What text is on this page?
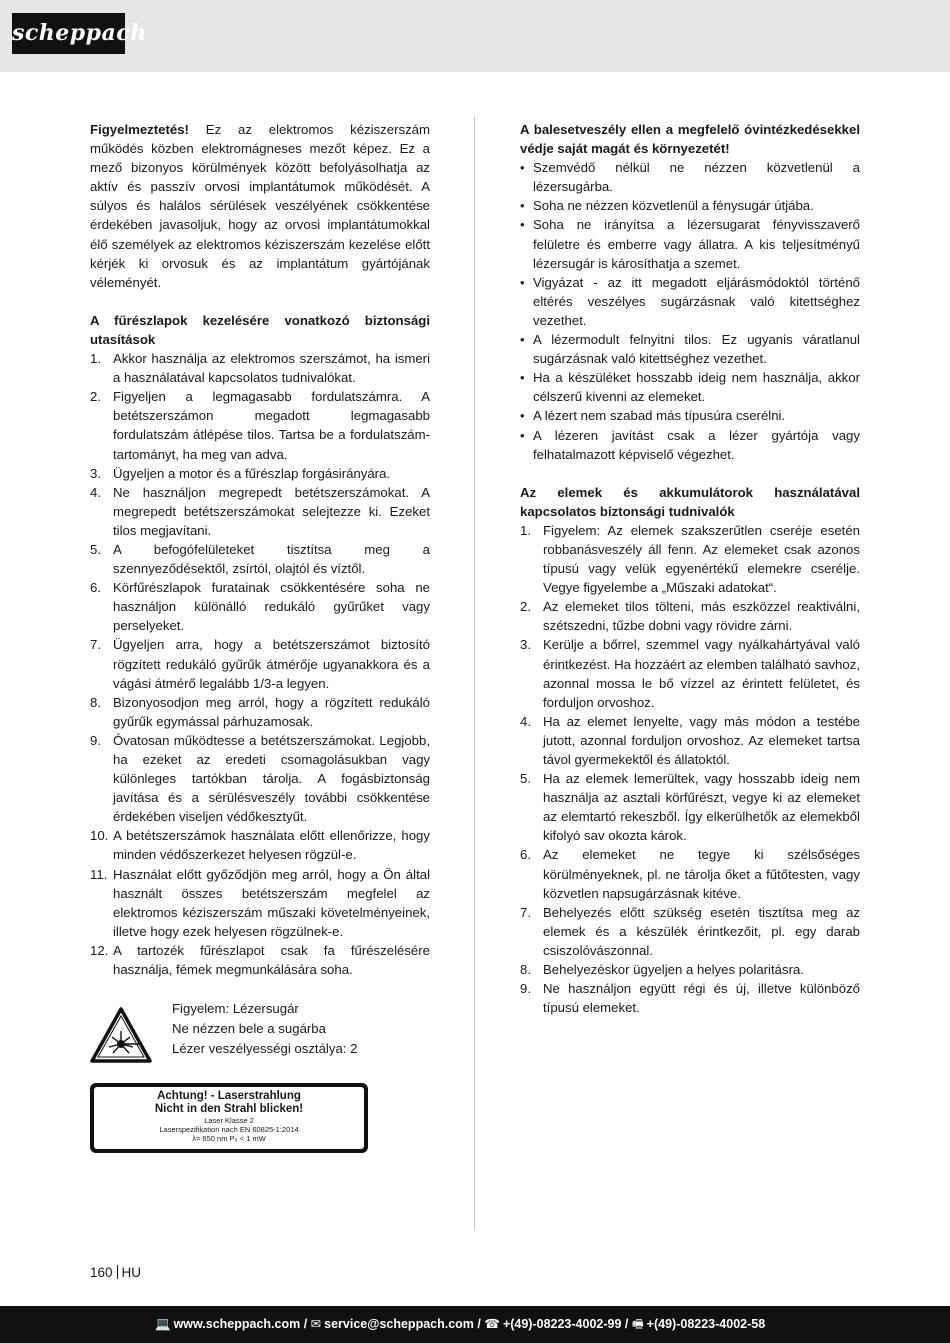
scheppach

Figyelmeztetés! Ez az elektromos kéziszerszám működés közben elektromágneses mezőt képez. Ez a mező bizonyos körülmények között befolyásolhatja az aktív és passzív orvosi implantátumok működését. A súlyos és halálos sérülések veszélyének csökkentése érdekében javasoljuk, hogy az orvosi implantátumokkal élő személyek az elektromos kéziszerszám kezelése előtt kérjék ki orvosuk és az implantátum gyártójának véleményét.

A fűrészlapok kezelésére vonatkozó biztonsági utasítások

1. Akkor használja az elektromos szerszámot, ha ismeri a használatával kapcsolatos tudnivalókat.
2. Figyeljen a legmagasabb fordulatszámra. A betétszerszámon megadott legmagasabb fordulatszám átlépése tilos. Tartsa be a fordulatszám-tartományt, ha meg van adva.
3. Ügyeljen a motor és a fűrészlap forgásirányára.
4. Ne használjon megrepedt betétszerszámokat. A megrepedt betétszerszámokat selejtezze ki. Ezeket tilos megjavítani.
5. A befogófelületeket tisztítsa meg a szennyeződésektől, zsírtól, olajtól és víztől.
6. Körfűrészlapok furatainak csökkentésére soha ne használjon különálló redukáló gyűrűket vagy perselyeket.
7. Ügyeljen arra, hogy a betétszerszámot biztosító rögzített redukáló gyűrűk átmérője ugyanakkora és a vágási átmérő legalább 1/3-a legyen.
8. Bizonyosodjon meg arról, hogy a rögzített redukáló gyűrűk egymással párhuzamosak.
9. Óvatosan működtesse a betétszerszámokat. Legjobb, ha ezeket az eredeti csomagolásukban vagy különleges tartókban tárolja. A fogásbiztonság javítása és a sérülésveszély további csökkentése érdekében viseljen védőkesztyűt.
10. A betétszerszámok használata előtt ellenőrizze, hogy minden védőszerkezet helyesen rögzül-e.
11. Használat előtt győződjön meg arról, hogy a Ön által használt összes betétszerszám megfelel az elektromos kéziszerszám műszaki követelményeinek, illetve hogy ezek helyesen rögzülnek-e.
12. A tartozék fűrészlapot csak fa fűrészelésére használja, fémek megmunkálására soha.
Figyelem: Lézersugár
Ne nézzen bele a sugárba
Lézer veszélyességi osztálya: 2
Achtung! - Laserstrahlung
Nicht in den Strahl blicken!
Laser Klasse 2
Laserspezifikation nach EN 60825-1:2014
λ= 650 nm P₀ < 1 mW

A balesetveszély ellen a megfelelő óvintézkedésekkel védje saját magát és környezetét!

• Szemvédő nélkül ne nézzen közvetlenül a lézersugárba.
• Soha ne nézzen közvetlenül a fénysugár útjába.
• Soha ne irányítsa a lézersugarat fényvisszaverő felületre és emberre vagy állatra. A kis teljesítményű lézersugár is károsíthatja a szemet.
• Vigyázat - az itt megadott eljárásmódoktól történő eltérés veszélyes sugárzásnak való kitettséghez vezethet.
• A lézermodult felnyitni tilos. Ez ugyanis váratlanul sugárzásnak való kitettséghez vezethet.
• Ha a készüléket hosszabb ideig nem használja, akkor célszerű kivenni az elemeket.
• A lézert nem szabad más típusúra cserélni.
• A lézeren javítást csak a lézer gyártója vagy felhatalmazott képviselő végezhet.

Az elemek és akkumulátorok használatával kapcsolatos biztonsági tudnivalók

1. Figyelem: Az elemek szakszerűtlen cseréje esetén robbanásveszély áll fenn. Az elemeket csak azonos típusú vagy velük egyenértékű elemekre cserélje. Vegye figyelembe a „Műszaki adatokat“.
2. Az elemeket tilos tölteni, más eszközzel reaktiválni, szétszedni, tűzbe dobni vagy rövidre zárni.
3. Kerülje a bőrrel, szemmel vagy nyálkahártyával való érintkezést. Ha hozzáért az elemben található savhoz, azonnal mossa le bő vízzel az érintett felületet, és forduljon orvoshoz.
4. Ha az elemet lenyelte, vagy más módon a testébe jutott, azonnal forduljon orvoshoz. Az elemeket tartsa távol gyermekektől és állatoktól.
5. Ha az elemek lemerültek, vagy hosszabb ideig nem használja az asztali körfűrészt, vegye ki az elemeket az elemtartó rekeszből. Így elkerülhetők az elemekből kifolyó sav okozta károk.
6. Az elemeket ne tegye ki szélsőséges körülményeknek, pl. ne tárolja őket a fűtőtesten, vagy közvetlen napsugárzásnak kitéve.
7. Behelyezés előtt szükség esetén tisztítsa meg az elemek és a készülék érintkezőit, pl. egy darab csiszolóvászonnal.
8. Behelyezéskor ügyeljen a helyes polaritásra.
9. Ne használjon együtt régi és új, illetve különböző típusú elemeket.
160 HU
💻 www.scheppach.com / ✉ service@scheppach.com / ☎ +(49)-08223-4002-99 / 🖷 +(49)-08223-4002-58
